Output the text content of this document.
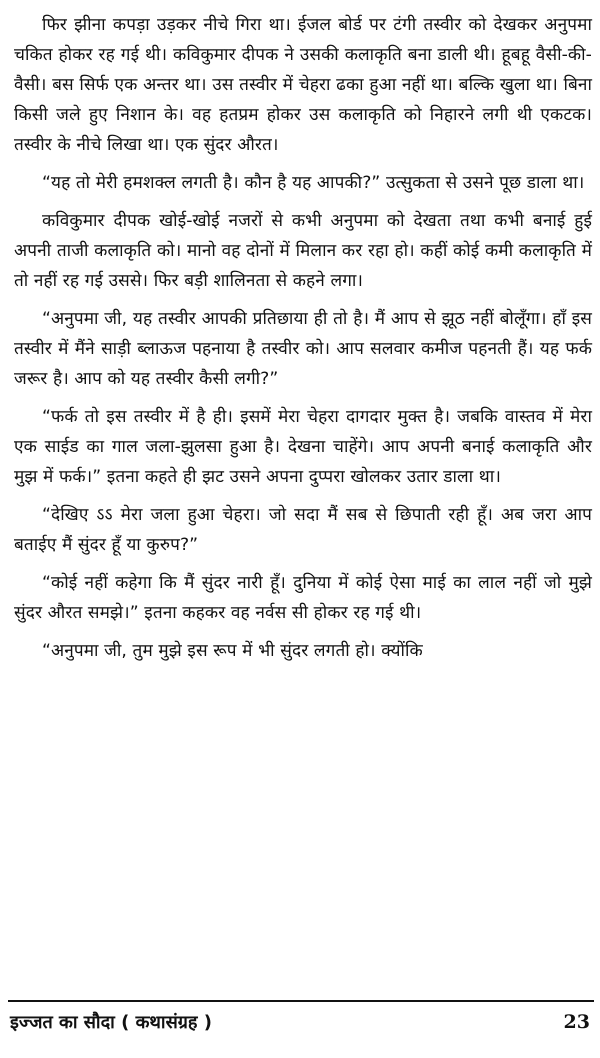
फिर झीना कपड़ा उड़कर नीचे गिरा था। ईजल बोर्ड पर टंगी तस्वीर को देखकर अनुपमा चकित होकर रह गई थी। कविकुमार दीपक ने उसकी कलाकृति बना डाली थी। हूबहू वैसी-की-वैसी। बस सिर्फ एक अन्तर था। उस तस्वीर में चेहरा ढका हुआ नहीं था। बल्कि खुला था। बिना किसी जले हुए निशान के। वह हतप्रम होकर उस कलाकृति को निहारने लगी थी एकटक। तस्वीर के नीचे लिखा था। एक सुंदर औरत।

“यह तो मेरी हमशक्ल लगती है। कौन है यह आपकी?” उत्सुकता से उसने पूछ डाला था।

कविकुमार दीपक खोई-खोई नजरों से कभी अनुपमा को देखता तथा कभी बनाई हुई अपनी ताजी कलाकृति को। मानो वह दोनों में मिलान कर रहा हो। कहीं कोई कमी कलाकृति में तो नहीं रह गई उससे। फिर बड़ी शालिनता से कहने लगा।

“अनुपमा जी, यह तस्वीर आपकी प्रतिछाया ही तो है। मैं आप से झूठ नहीं बोलूँगा। हाँ इस तस्वीर में मैंने साड़ी ब्लाऊज पहनाया है तस्वीर को। आप सलवार कमीज पहनती हैं। यह फर्क जरूर है। आप को यह तस्वीर कैसी लगी?”

“फर्क तो इस तस्वीर में है ही। इसमें मेरा चेहरा दागदार मुक्त है। जबकि वास्तव में मेरा एक साईड का गाल जला-झुलसा हुआ है। देखना चाहेंगे। आप अपनी बनाई कलाकृति और मुझ में फर्क।” इतना कहते ही झट उसने अपना दुप्परा खोलकर उतार डाला था।

“देखिए ऽऽ मेरा जला हुआ चेहरा। जो सदा मैं सब से छिपाती रही हूँ। अब जरा आप बताईए मैं सुंदर हूँ या कुरुप?”

“कोई नहीं कहेगा कि मैं सुंदर नारी हूँ। दुनिया में कोई ऐसा माई का लाल नहीं जो मुझे सुंदर औरत समझे।” इतना कहकर वह नर्वस सी होकर रह गई थी।

“अनुपमा जी, तुम मुझे इस रूप में भी सुंदर लगती हो। क्योंकि

इज्जत का सौदा ( कथासंग्रह )	23
